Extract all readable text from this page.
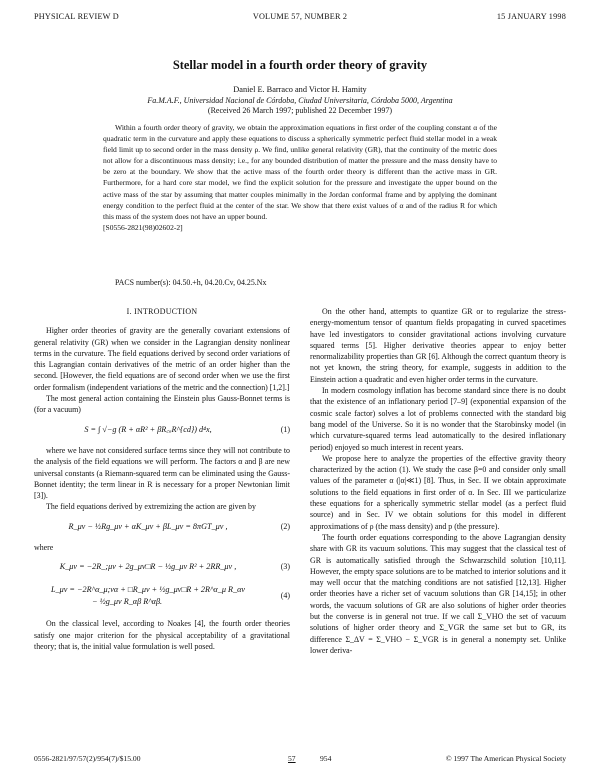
PHYSICAL REVIEW D	VOLUME 57, NUMBER 2	15 JANUARY 1998
Stellar model in a fourth order theory of gravity
Daniel E. Barraco and Victor H. Hamity
Fa.M.A.F., Universidad Nacional de Córdoba, Ciudad Universitaria, Córdoba 5000, Argentina
(Received 26 March 1997; published 22 December 1997)

Within a fourth order theory of gravity, we obtain the approximation equations in first order of the coupling constant α of the quadratic term in the curvature and apply these equations to discuss a spherically symmetric perfect fluid stellar model in a weak field limit up to second order in the mass density ρ. We find, unlike general relativity (GR), that the continuity of the metric does not allow for a discontinuous mass density; i.e., for any bounded distribution of matter the pressure and the mass density have to be zero at the boundary. We show that the active mass of the fourth order theory is different than the active mass in GR. Furthermore, for a hard core star model, we find the explicit solution for the pressure and investigate the upper bound on the active mass of the star by assuming that matter couples minimally in the Jordan conformal frame and by applying the dominant energy condition to the perfect fluid at the center of the star. We show that there exist values of α and of the radius R for which this mass of the system does not have an upper bound.
[S0556-2821(98)02602-2]

PACS number(s): 04.50.+h, 04.20.Cv, 04.25.Nx
I. INTRODUCTION

Higher order theories of gravity are the generally covariant extensions of general relativity (GR) when we consider in the Lagrangian density nonlinear terms in the curvature. The field equations derived by second order variations of this Lagrangian contain derivatives of the metric of an order higher than the second. [However, the field equations are of second order when we use the first order formalism (independent variations of the metric and the connection) [1,2].]

The most general action containing the Einstein plus Gauss-Bonnet terms is (for a vacuum)

S = ∫ √−g (R + αR² + βR꜀ₐR^{cd}) d⁴x,	(1)

where we have not considered surface terms since they will not contribute to the analysis of the field equations we will perform. The factors α and β are new universal constants (a Riemann-squared term can be eliminated using the Gauss-Bonnet identity; the term linear in R is necessary for a proper Newtonian limit [3]).

The field equations derived by extremizing the action are given by

R_μν − ½Rg_μν + αK_μν + βL_μν = 8πGT_μν ,	(2)

where

K_μν = −2R_;μν + 2g_μν□R − ½g_μν R² + 2RR_μν ,	(3)
L_μν = −2R^α_μ;να + □R_μν + ½g_μν□R + 2R^α_μ R_αν
− ½g_μν R_αβ R^αβ.
(4)

On the classical level, according to Noakes [4], the fourth order theories satisfy one major criterion for the physical acceptability of a gravitational theory; that is, the initial value formulation is well posed.

On the other hand, attempts to quantize GR or to regularize the stress-energy-momentum tensor of quantum fields propagating in curved spacetimes have led investigators to consider gravitational actions involving curvature squared terms [5]. Higher derivative theories appear to enjoy better renormalizability properties than GR [6]. Although the correct quantum theory is not yet known, the string theory, for example, suggests in addition to the Einstein action a quadratic and even higher order terms in the curvature.

In modern cosmology inflation has become standard since there is no doubt that the existence of an inflationary period [7–9] (exponential expansion of the cosmic scale factor) solves a lot of problems connected with the standard big bang model of the Universe. So it is no wonder that the Starobinsky model (in which curvature-squared terms lead automatically to the desired inflationary period) enjoyed so much interest in recent years.

We propose here to analyze the properties of the effective gravity theory characterized by the action (1). We study the case β=0 and consider only small values of the parameter α (|α|≪1) [8]. Thus, in Sec. II we obtain approximate solutions to the field equations in first order of α. In Sec. III we particularize these equations for a spherically symmetric stellar model (as a perfect fluid source) and in Sec. IV we obtain solutions for this model in different approximations of ρ (the mass density) and p (the pressure).

The fourth order equations corresponding to the above Lagrangian density share with GR its vacuum solutions. This may suggest that the classical test of GR is automatically satisfied through the Schwarzschild solution [10,11]. However, the empty space solutions are to be matched to interior solutions and it may well occur that the matching conditions are not satisfied [12,13]. Higher order theories have a richer set of vacuum solutions than GR [14,15]; in other words, the vacuum solutions of GR are also solutions of higher order theories but the converse is in general not true. If we call Σ_VHO the set of vacuum solutions of higher order theory and Σ_VGR the same set but to GR, its difference Σ_ΔV = Σ_VHO − Σ_VGR is in general a nonempty set. Unlike lower deriva-

0556-2821/97/57(2)/954(7)/$15.00	57	954	© 1997 The American Physical Society
